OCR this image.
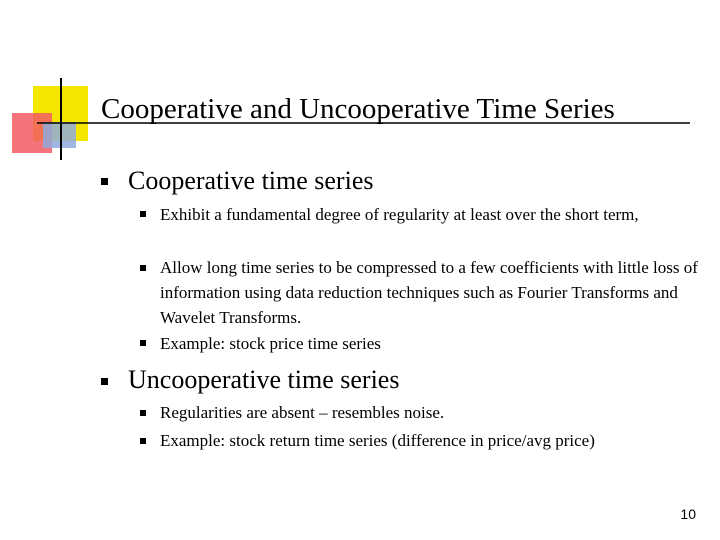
Cooperative and Uncooperative Time Series
Cooperative time series
Exhibit a fundamental degree of regularity at least over the short term,
Allow long time series to be compressed to a few coefficients with little loss of information using data reduction techniques such as Fourier Transforms and Wavelet Transforms.
Example: stock price time series
Uncooperative time series
Regularities are absent – resembles noise.
Example: stock return time series (difference in price/avg price)
10
